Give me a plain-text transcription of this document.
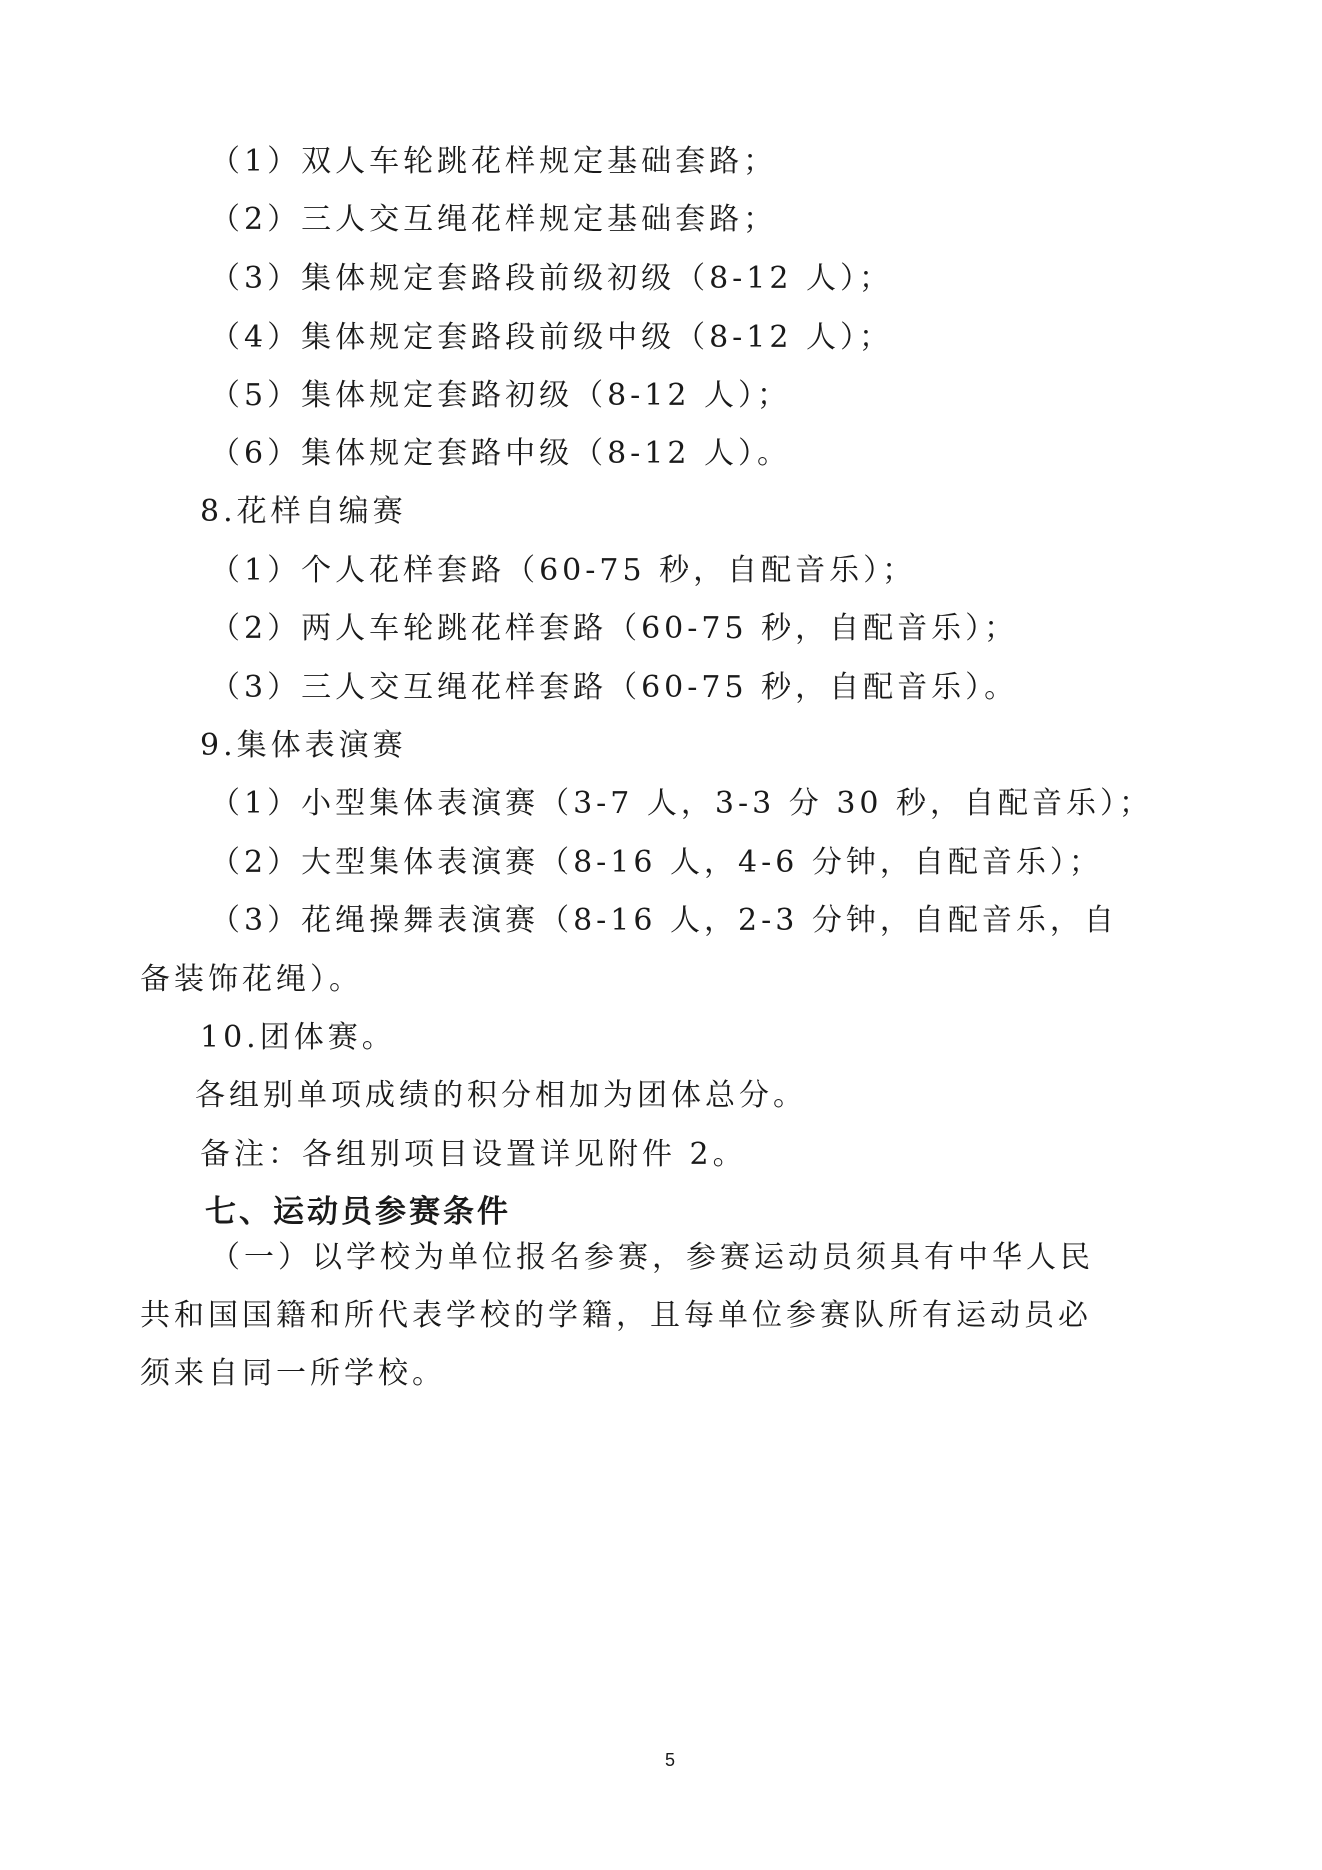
（1）双人车轮跳花样规定基础套路；
（2）三人交互绳花样规定基础套路；
（3）集体规定套路段前级初级（8-12 人）；
（4）集体规定套路段前级中级（8-12 人）；
（5）集体规定套路初级（8-12 人）；
（6）集体规定套路中级（8-12 人）。
8.花样自编赛
（1）个人花样套路（60-75 秒，自配音乐）；
（2）两人车轮跳花样套路（60-75 秒，自配音乐）；
（3）三人交互绳花样套路（60-75 秒，自配音乐）。
9.集体表演赛
（1）小型集体表演赛（3-7 人，3-3 分 30 秒，自配音乐）；
（2）大型集体表演赛（8-16 人，4-6 分钟，自配音乐）；
（3）花绳操舞表演赛（8-16 人，2-3 分钟，自配音乐，自
备装饰花绳）。
10.团体赛。
各组别单项成绩的积分相加为团体总分。
备注：各组别项目设置详见附件 2。
七、运动员参赛条件
（一）以学校为单位报名参赛，参赛运动员须具有中华人民
共和国国籍和所代表学校的学籍，且每单位参赛队所有运动员必
须来自同一所学校。
5
